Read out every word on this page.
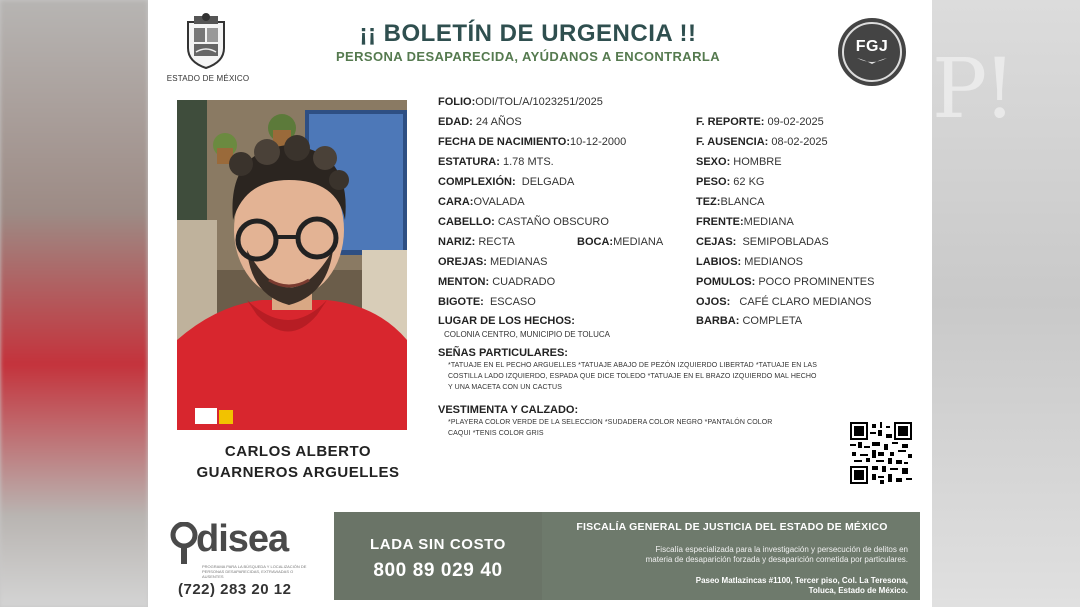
P!
ESTADO DE MÉXICO
¡¡ BOLETÍN DE URGENCIA !!
PERSONA DESAPARECIDA, AYÚDANOS A ENCONTRARLA
FGJ
CARLOS ALBERTO
GUARNEROS ARGUELLES
FOLIO:ODI/TOL/A/1023251/2025
EDAD: 24 AÑOS
FECHA DE NACIMIENTO:10-12-2000
ESTATURA: 1.78 MTS.
COMPLEXIÓN: DELGADA
CARA:OVALADA
CABELLO: CASTAÑO OBSCURO
NARIZ: RECTA	BOCA:MEDIANA
OREJAS: MEDIANAS
MENTON: CUADRADO
BIGOTE: ESCASO
LUGAR DE LOS HECHOS:
COLONIA CENTRO, MUNICIPIO DE TOLUCA
F. REPORTE: 09-02-2025
F. AUSENCIA: 08-02-2025
SEXO: HOMBRE
PESO: 62 KG
TEZ:BLANCA
FRENTE:MEDIANA
CEJAS: SEMIPOBLADAS
LABIOS: MEDIANOS
POMULOS: POCO PROMINENTES
OJOS: CAFÉ CLARO MEDIANOS
BARBA: COMPLETA
SEÑAS PARTICULARES:
*TATUAJE EN EL PECHO ARGUELLES *TATUAJE ABAJO DE PEZÓN IZQUIERDO LIBERTAD *TATUAJE EN LAS
COSTILLA LADO IZQUIERDO, ESPADA QUE DICE TOLEDO *TATUAJE EN EL BRAZO IZQUIERDO MAL HECHO
Y UNA MACETA CON UN CACTUS
VESTIMENTA Y CALZADO:
*PLAYERA COLOR VERDE DE LA SELECCION *SUDADERA COLOR NEGRO *PANTALÓN COLOR
CAQUI *TENIS COLOR GRIS
disea
PROGRAMA PARA LA BÚSQUEDA Y LOCALIZACIÓN DE PERSONAS DESAPARECIDAS, EXTRAVIADAS O AUSENTES
(722) 283 20 12
LADA SIN COSTO
800 89 029 40
FISCALÍA GENERAL DE JUSTICIA DEL ESTADO DE MÉXICO
Fiscalía especializada para la investigación y persecución de delitos en
materia de desaparición forzada y desaparición cometida por particulares.
Paseo Matlazincas #1100, Tercer piso, Col. La Teresona,
Toluca, Estado de México.
